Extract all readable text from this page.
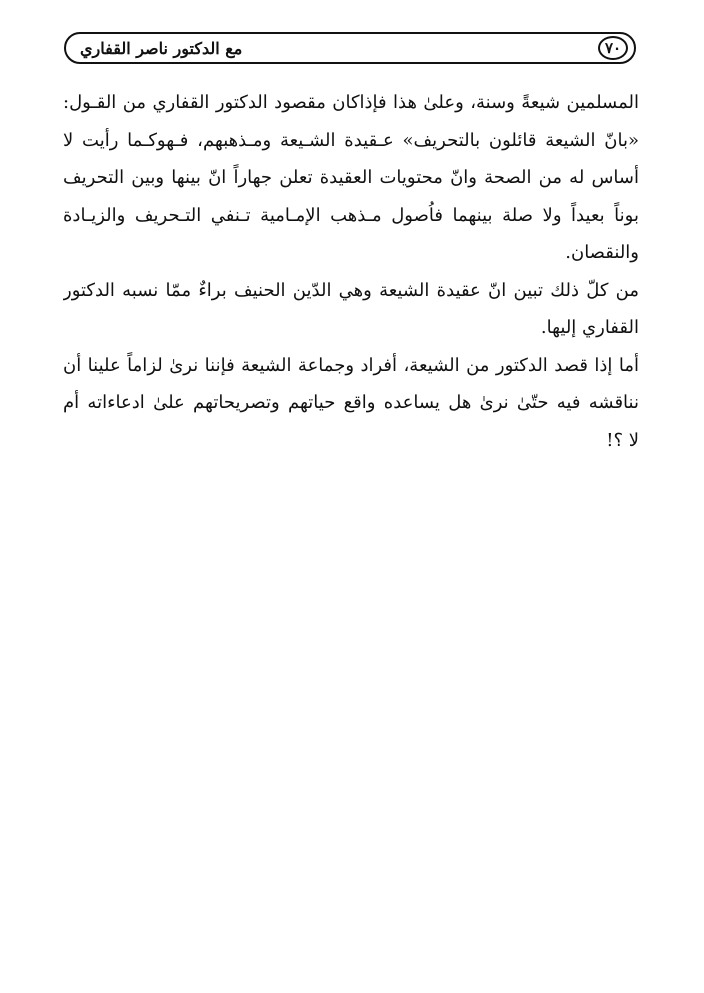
٧٠
مع الدكتور ناصر القفاري
المسلمين شيعةً وسنة، وعلىٰ هذا فإذاكان مقصود الدكتور القفاري من القـول:
«بانّ الشيعة قائلون بالتحريف» عـقيدة الشـيعة ومـذهبهم، فـهوكـما رأيت لا
أساس له من الصحة وانّ محتويات العقيدة تعلن جهاراً انّ بينها وبين التحريف
بوناً بعيداً ولا صلة بينهما فاُصول مـذهب الإمـامية تـنفي التـحريف والزيـادة
والنقصان.
من كلّ ذلك تبين انّ عقيدة الشيعة وهي الدّين الحنيف براءٌ ممّا نسبه الدكتور
القفاري إليها.
أما إذا قصد الدكتور من الشيعة، أفراد وجماعة الشيعة فإننا نرىٰ لزاماً علينا أن
نناقشه فيه حتّىٰ نرىٰ هل يساعده واقع حياتهم وتصريحاتهم علىٰ ادعاءاته أم
لا ؟!
